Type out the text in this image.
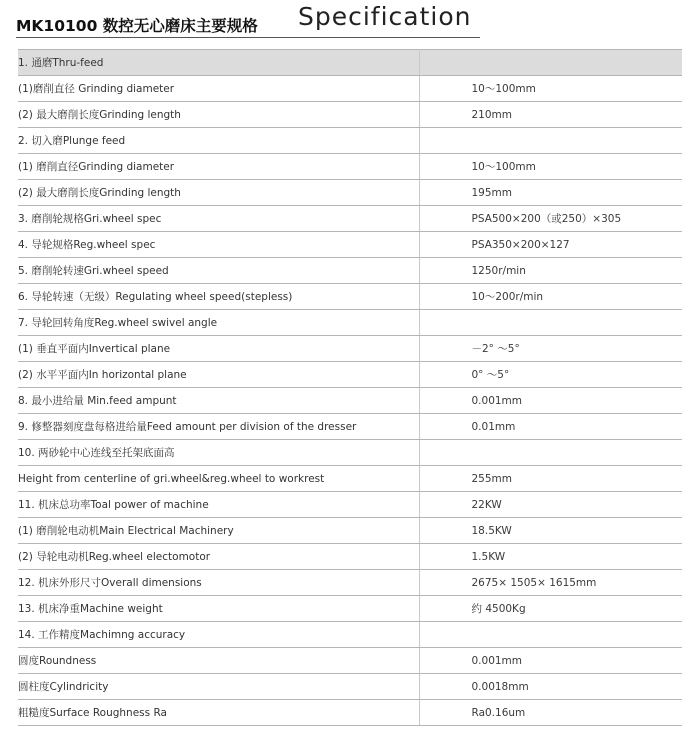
MK10100 数控无心磨床主要规格 Specification
1. 通磨Thru-feed	
(1)磨削直径 Grinding diameter	10～100mm
(2) 最大磨削长度Grinding length	210mm
2. 切入磨Plunge feed	
(1) 磨削直径Grinding diameter	10～100mm
(2) 最大磨削长度Grinding length	195mm
3. 磨削轮规格Gri.wheel spec	PSA500×200（或250）×305
4. 导轮规格Reg.wheel spec	PSA350×200×127
5. 磨削轮转速Gri.wheel speed	1250r/min
6. 导轮转速（无级）Regulating wheel speed(stepless)	10～200r/min
7. 导轮回转角度Reg.wheel swivel angle	
(1) 垂直平面内Invertical plane	－2° ～5°
(2) 水平平面内In horizontal plane	0° ～5°
8. 最小进给量 Min.feed ampunt	0.001mm
9. 修整器刻度盘每格进给量Feed amount per division of the dresser	0.01mm
10. 两砂轮中心连线至托架底面高	
Height from centerline of gri.wheel&reg.wheel to workrest	255mm
11. 机床总功率Toal power of machine	22KW
(1) 磨削轮电动机Main Electrical Machinery	18.5KW
(2) 导轮电动机Reg.wheel electomotor	1.5KW
12. 机床外形尺寸Overall dimensions	2675× 1505× 1615mm
13. 机床净重Machine weight	约 4500Kg
14. 工作精度Machimng accuracy	
圆度Roundness	0.001mm
圆柱度Cylindricity	0.0018mm
粗糙度Surface Roughness Ra	Ra0.16um
